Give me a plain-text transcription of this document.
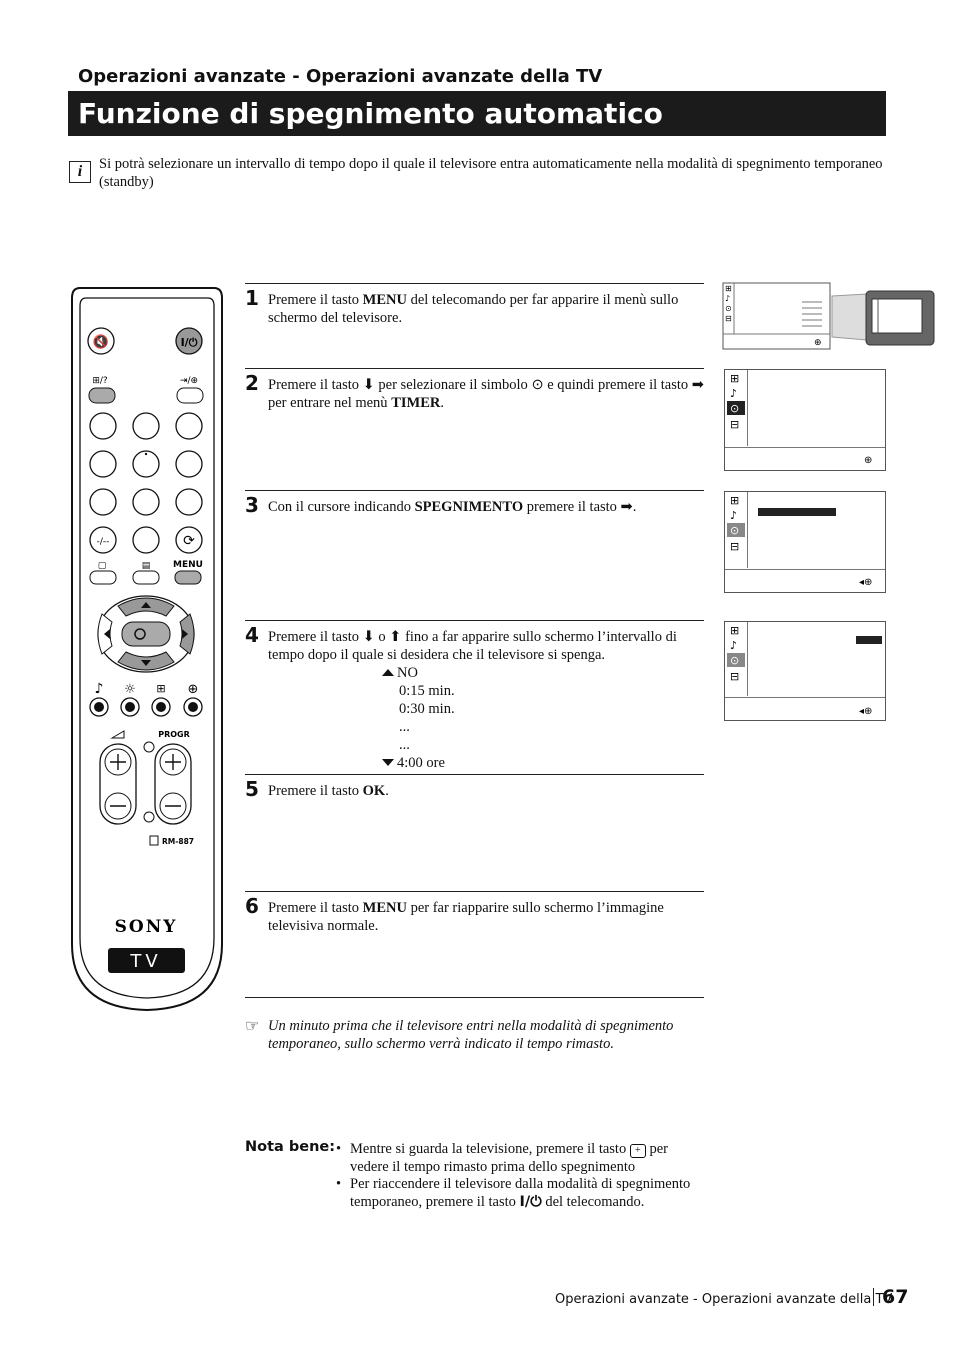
Operazioni avanzate - Operazioni avanzate della TV
Funzione di spegnimento automatico
i	Si potrà selezionare un intervallo di tempo dopo il quale il televisore entra automaticamente nella modalità di spegnimento temporaneo (standby)
🔇	I/⏻
⊞/?	⇥/⊕
-/--	⟳
▢	▤	MENU
♪ ☼ ⊞ ⊕
PROGR
RM-887
SONY
TV
1 Premere il tasto MENU del telecomando per far apparire il menù sullo schermo del televisore.
2 Premere il tasto ⬇ per selezionare il simbolo ⊙ e quindi premere il tasto ➡ per entrare nel menù TIMER.
3 Con il cursore indicando SPEGNIMENTO premere il tasto ➡.
4 Premere il tasto ⬇ o ⬆ fino a far apparire sullo schermo l’intervallo di tempo dopo il quale si desidera che il televisore si spenga.
NO
0:15 min.
0:30 min.
...
...
4:00 ore
5 Premere il tasto OK.
6 Premere il tasto MENU per far riapparire sullo schermo l’immagine televisiva normale.
☞ Un minuto prima che il televisore entri nella modalità di spegnimento temporaneo, sullo schermo verrà indicato il tempo rimasto.
Nota bene: • Mentre si guarda la televisione, premere il tasto + per vedere il tempo rimasto prima dello spegnimento
• Per riaccendere il televisore dalla modalità di spegnimento temporaneo, premere il tasto I/⏻ del telecomando.
⊞
♪
⊙
⊟
⊕
⊞
♪
⊙
⊟
⊕
⊞
♪
⊙
⊟
◂⊕
⊞
♪
⊙
⊟
◂⊕
Operazioni avanzate - Operazioni avanzate della TV
67
